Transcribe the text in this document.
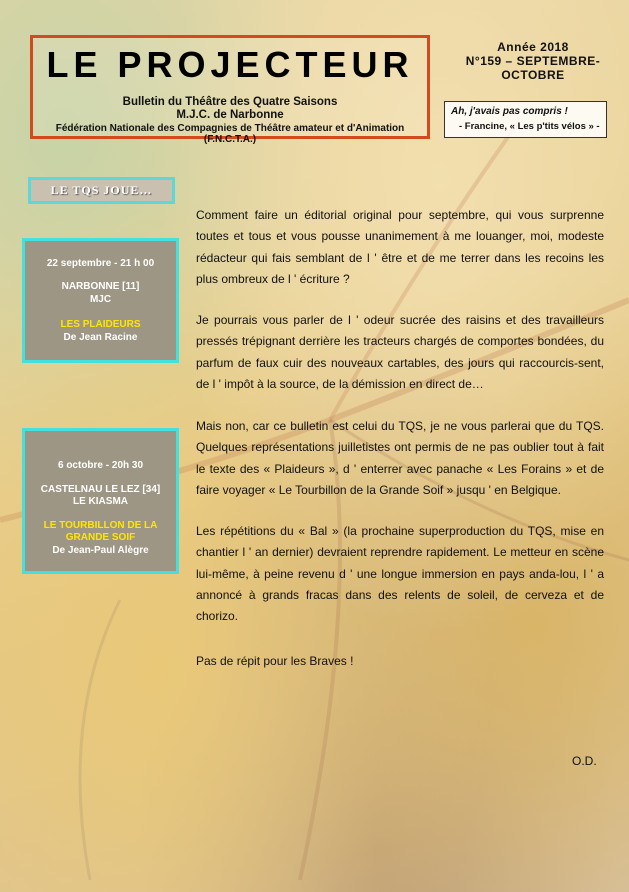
LE PROJECTEUR
Bulletin du Théâtre des Quatre Saisons
M.J.C. de Narbonne
Fédération Nationale des Compagnies de Théâtre amateur et d'Animation (F.N.C.T.A.)
Année 2018
N°159 – SEPTEMBRE-
OCTOBRE
Ah, j'avais pas compris !
- Francine, « Les p'tits vélos » -
LE TQS JOUE…
22 septembre - 21 h 00
NARBONNE [11]
MJC
LES PLAIDEURS
De Jean Racine
6 octobre - 20h 30
CASTELNAU LE LEZ [34]
LE KIASMA
LE TOURBILLON DE LA
GRANDE SOIF
De Jean-Paul Alègre
Comment faire un éditorial original pour septembre, qui vous surprenne toutes et tous et vous pousse unanimement à me louanger, moi, modeste rédacteur qui fais semblant de l ' être et de me terrer dans les recoins les plus ombreux de l ' écriture ?
Je pourrais vous parler de l ' odeur sucrée des raisins et des travailleurs pressés trépignant derrière les tracteurs chargés de comportes bondées, du parfum de faux cuir des nouveaux cartables, des jours qui raccourcis-sent, de l ' impôt à la source, de la démission en direct de…
Mais non, car ce bulletin est celui du TQS, je ne vous parlerai que du TQS. Quelques représentations juilletistes ont permis de ne pas oublier tout à fait le texte des « Plaideurs », d ' enterrer avec panache « Les Forains » et de faire voyager « Le Tourbillon de la Grande Soif » jusqu ' en Belgique.
Les répétitions du « Bal » (la prochaine superproduction du TQS, mise en chantier l ' an dernier) devraient reprendre rapidement. Le metteur en scène lui-même, à peine revenu d ' une longue immersion en pays anda-lou, l ' a annoncé à grands fracas dans des relents de soleil, de cerveza et de chorizo.
Pas de répit pour les Braves !
O.D.
